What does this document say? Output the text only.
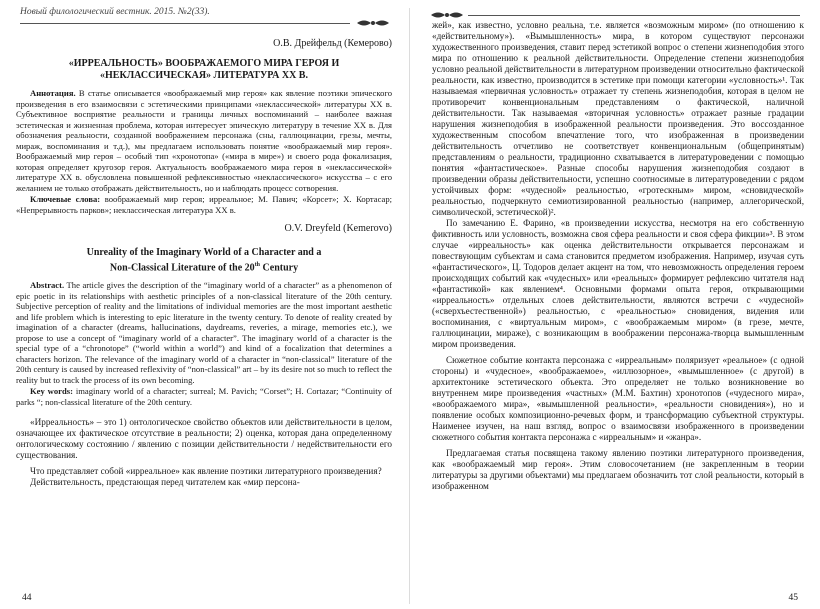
Новый филологический вестник. 2015. №2(33).
О.В. Дрейфельд (Кемерово)
«ИРРЕАЛЬНОСТЬ» ВООБРАЖАЕМОГО МИРА ГЕРОЯ И «НЕКЛАССИЧЕСКАЯ» ЛИТЕРАТУРА XX В.

Аннотация. В статье описывается «воображаемый мир героя» как явление поэтики эпического произведения в его взаимосвязи с эстетическими принципами «неклассической» литературы XX в. Субъективное восприятие реальности и границы личных воспоминаний – наиболее важная эстетическая и жизненная проблема, которая интересует эпическую литературу в течение XX в. Для обозначения реальности, созданной воображением персонажа (сны, галлюцинации, грезы, мечты, мираж, воспоминания и т.д.), мы предлагаем использовать понятие «воображаемый мир героя». Воображаемый мир героя – особый тип «хронотопа» («мира в мире») и своего рода фокализация, которая определяет кругозор героя. Актуальность воображаемого мира героя в «неклассической» литературе XX в. обусловлена повышенной рефлексивностью «неклассического» искусства – с его желанием не только отображать действительность, но и наблюдать процесс сотворения.

Ключевые слова: воображаемый мир героя; ирреальное; М. Павич; «Корсет»; Х. Кортасар; «Непрерывность парков»; неклассическая литература XX в.

O.V. Dreyfeld (Kemerovo)
Unreality of the Imaginary World of a Character and a
Non-Classical Literature of the 20th Century

Abstract. The article gives the description of the “imaginary world of a character” as a phenomenon of epic poetic in its relationships with aesthetic principles of a non-classical literature of the 20th century. Subjective perception of reality and the limitations of individual memories are the most important aesthetic and life problem which is interesting to epic literature in the twenty century. To denote of reality created by imagination of a character (dreams, hallucinations, daydreams, reveries, a mirage, memories etc.), we propose to use a concept of “imaginary world of a character”. The imaginary world of a character is the special type of a “chronotope” (“world within a world”) and kind of a focalization that determines a characters horizon. The relevance of the imaginary world of a character in “non-classical” literature of the 20th century is caused by increased reflexivity of “non-classical” art – by its desire not so much to reflect the reality but to track the process of its own becoming.

Key words: imaginary world of a character; surreal; M. Pavich; “Corset”; H. Cortazar; “Continuity of parks “; non-classical literature of the 20th century.

«Ирреальность» – это 1) онтологическое свойство объектов или действительности в целом, означающее их фактическое отсутствие в реальности; 2) оценка, которая дана определенному онтологическому состоянию / явлению с позиции действительности / недействительности его существования.

Что представляет собой «ирреальное» как явление поэтики литературного произведения?

Действительность, предстающая перед читателем как «мир персона-

44

жей», как известно, условно реальна, т.е. является «возможным миром» (по отношению к «действительному»). «Вымышленность» мира, в котором существуют персонажи художественного произведения, ставит перед эстетикой вопрос о степени жизнеподобия этого мира по отношению к реальной действительности. Определение степени жизнеподобия условно реальной действительности в литературном произведении относительно фактической реальности, как известно, производится в эстетике при помощи категории «условность»¹. Так называемая «первичная условность» отражает ту степень жизнеподобия, которая в целом не противоречит конвенциональным представлениям о фактической, наличной действительности. Так называемая «вторичная условность» отражает разные градации нарушения жизнеподобия в изображенной реальности произведения. Это воссозданное художественным способом впечатление того, что изображенная в произведении действительность отчетливо не соответствует конвенциональным (общепринятым) представлениям о реальности, традиционно схватывается в литературоведении с помощью понятия «фантастическое». Разные способы нарушения жизнеподобия создают в произведении образы действительности, успешно соотносимые в литературоведении с рядом устойчивых форм: «чудесной» реальностью, «гротескным» миром, «сновидческой» реальностью, подчеркнуто семиотизированной реальностью (например, аллегорической, символической, эстетической)².

По замечанию Е. Фарино, «в произведении искусства, несмотря на его собственную фиктивность или условность, возможна своя сфера реальности и своя сфера фикции»³. В этом случае «ирреальность» как оценка действительности открывается персонажам и повествующим субъектам и сама становится предметом изображения. Например, изучая суть «фантастического», Ц. Тодоров делает акцент на том, что невозможность определения героем происходящих событий как «чудесных» или «реальных» формирует рефлексию читателя над «фантастикой» как явлением⁴. Основными формами опыта героя, открывающими «ирреальность» отдельных слоев действительности, являются встречи с «чудесной» («сверхъестественной») реальностью, с «реальностью» сновидения, видения или воспоминания, с «виртуальным миром», с «воображаемым миром» (в грезе, мечте, галлюцинации, мираже), с возникающим в воображении персонажа-творца вымышленным миром произведения.

Сюжетное событие контакта персонажа с «ирреальным» поляризует «реальное» (с одной стороны) и «чудесное», «воображаемое», «иллюзорное», «вымышленное» (с другой) в архитектонике эстетического объекта. Это определяет не только возникновение во внутреннем мире произведения «частных» (М.М. Бахтин) хронотопов («чудесного мира», «воображаемого мира», «вымышленной реальности», «реальности сновидения»), но и появление особых композиционно-речевых форм, и трансформацию субъектной структуры. Наименее изучен, на наш взгляд, вопрос о взаимосвязи изображенного в произведении сюжетного события контакта персонажа с «ирреальным» и «жанра».

Предлагаемая статья посвящена такому явлению поэтики литературного произведения, как «воображаемый мир героя». Этим словосочетанием (не закрепленным в теории литературы за другими объектами) мы предлагаем обозначить тот слой реальности, который в изображенном

45
